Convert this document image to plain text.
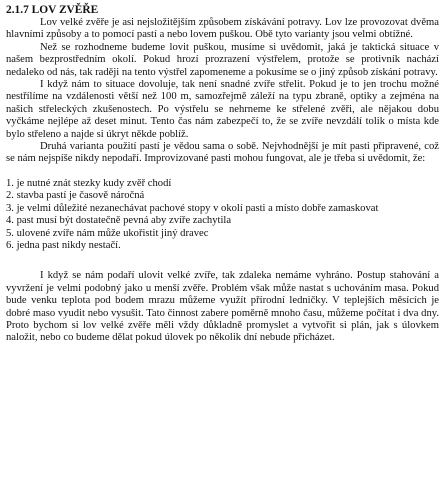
2.1.7 LOV ZVĚŘE

Lov velké zvěře je asi nejsložitějším způsobem získávání potravy. Lov lze provozovat dvěma hlavními způsoby a to pomocí pastí a nebo lovem puškou. Obě tyto varianty jsou velmi obtížné.

Než se rozhodneme budeme lovit puškou, musíme si uvědomit, jaká je taktická situace v našem bezprostředním okolí. Pokud hrozí prozrazení výstřelem, protože se protivník nachází nedaleko od nás, tak raději na tento výstřel zapomeneme a pokusíme se o jiný způsob získání potravy.

I když nám to situace dovoluje, tak není snadné zvíře střelit. Pokud je to jen trochu možné nestřílíme na vzdálenosti větší než 100 m, samozřejmě záleží na typu zbraně, optiky a zejména na našich střeleckých zkušenostech. Po výstřelu se nehrneme ke střelené zvěři, ale nějakou dobu vyčkáme nejlépe až deset minut. Tento čas nám zabezpečí to, že se zvíře nevzdálí tolik o místa kde bylo střeleno a najde si úkryt někde poblíž.

Druhá varianta použití pastí je vědou sama o sobě. Nejvhodnější je mít pasti připravené, což se nám nejspíše nikdy nepodaří. Improvizované pasti mohou fungovat, ale je třeba si uvědomit, že:

1. je nutné znát stezky kudy zvěř chodí
2. stavba pastí je časově náročná
3. je velmi důležité nezanechávat pachové stopy v okolí pasti a místo dobře zamaskovat
4. past musí být dostatečně pevná aby zvíře zachytila
5. ulovené zvíře nám může ukořistit jiný dravec
6. jedna past nikdy nestačí.

I když se nám podaří ulovit velké zvíře, tak zdaleka nemáme vyhráno. Postup stahování a vyvržení je velmi podobný jako u menší zvěře. Problém však může nastat s uchováním masa. Pokud bude venku teplota pod bodem mrazu můžeme využít přírodní ledničky. V teplejších měsících je dobré maso vyudit nebo vysušit. Tato činnost zabere poměrně mnoho času, můžeme počítat i dva dny. Proto bychom si lov velké zvěře měli vždy důkladně promyslet a vytvořit si plán, jak s úlovkem naložit, nebo co budeme dělat pokud úlovek po několik dní nebude přicházet.
